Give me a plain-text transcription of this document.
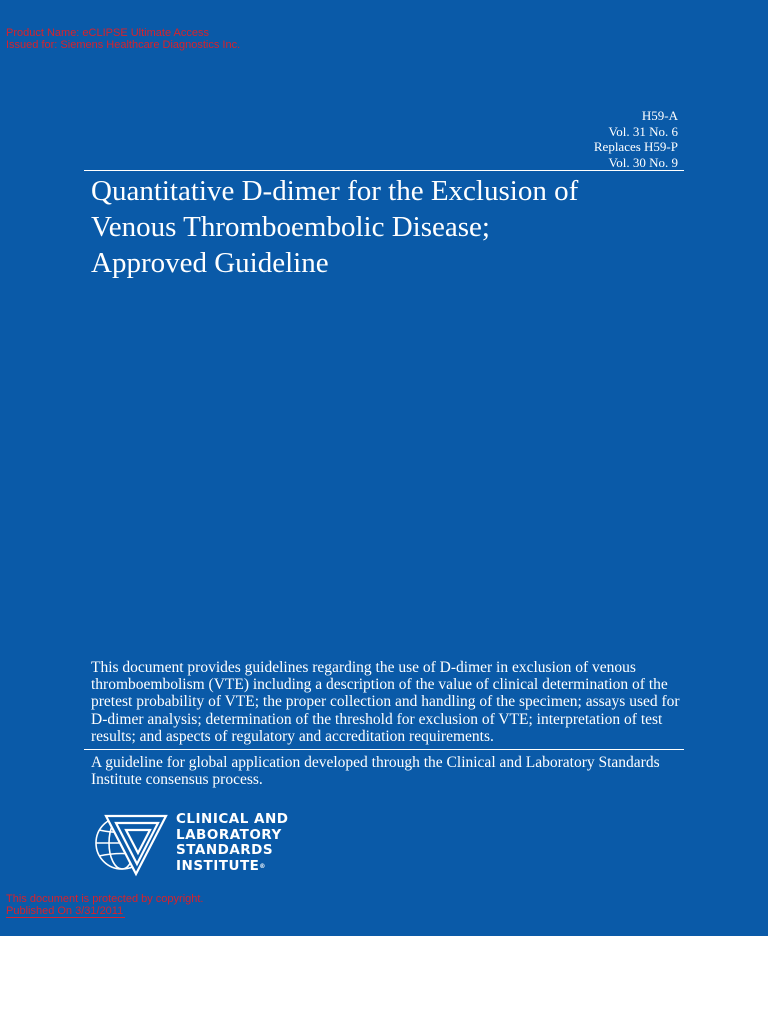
Product Name: eCLIPSE Ultimate Access
Issued for: Siemens Healthcare Diagnostics Inc.
H59-A
Vol. 31 No. 6
Replaces H59-P
Vol. 30 No. 9
Quantitative D-dimer for the Exclusion of
Venous Thromboembolic Disease;
Approved Guideline

This document provides guidelines regarding the use of D-dimer in exclusion of venous thromboembolism (VTE) including a description of the value of clinical determination of the pretest probability of VTE; the proper collection and handling of the specimen; assays used for D-dimer analysis; determination of the threshold for exclusion of VTE; interpretation of test results; and aspects of regulatory and accreditation requirements.

A guideline for global application developed through the Clinical and Laboratory Standards Institute consensus process.

CLINICAL AND
LABORATORY
STANDARDS
INSTITUTE®
This document is protected by copyright.
Published On 3/31/2011
